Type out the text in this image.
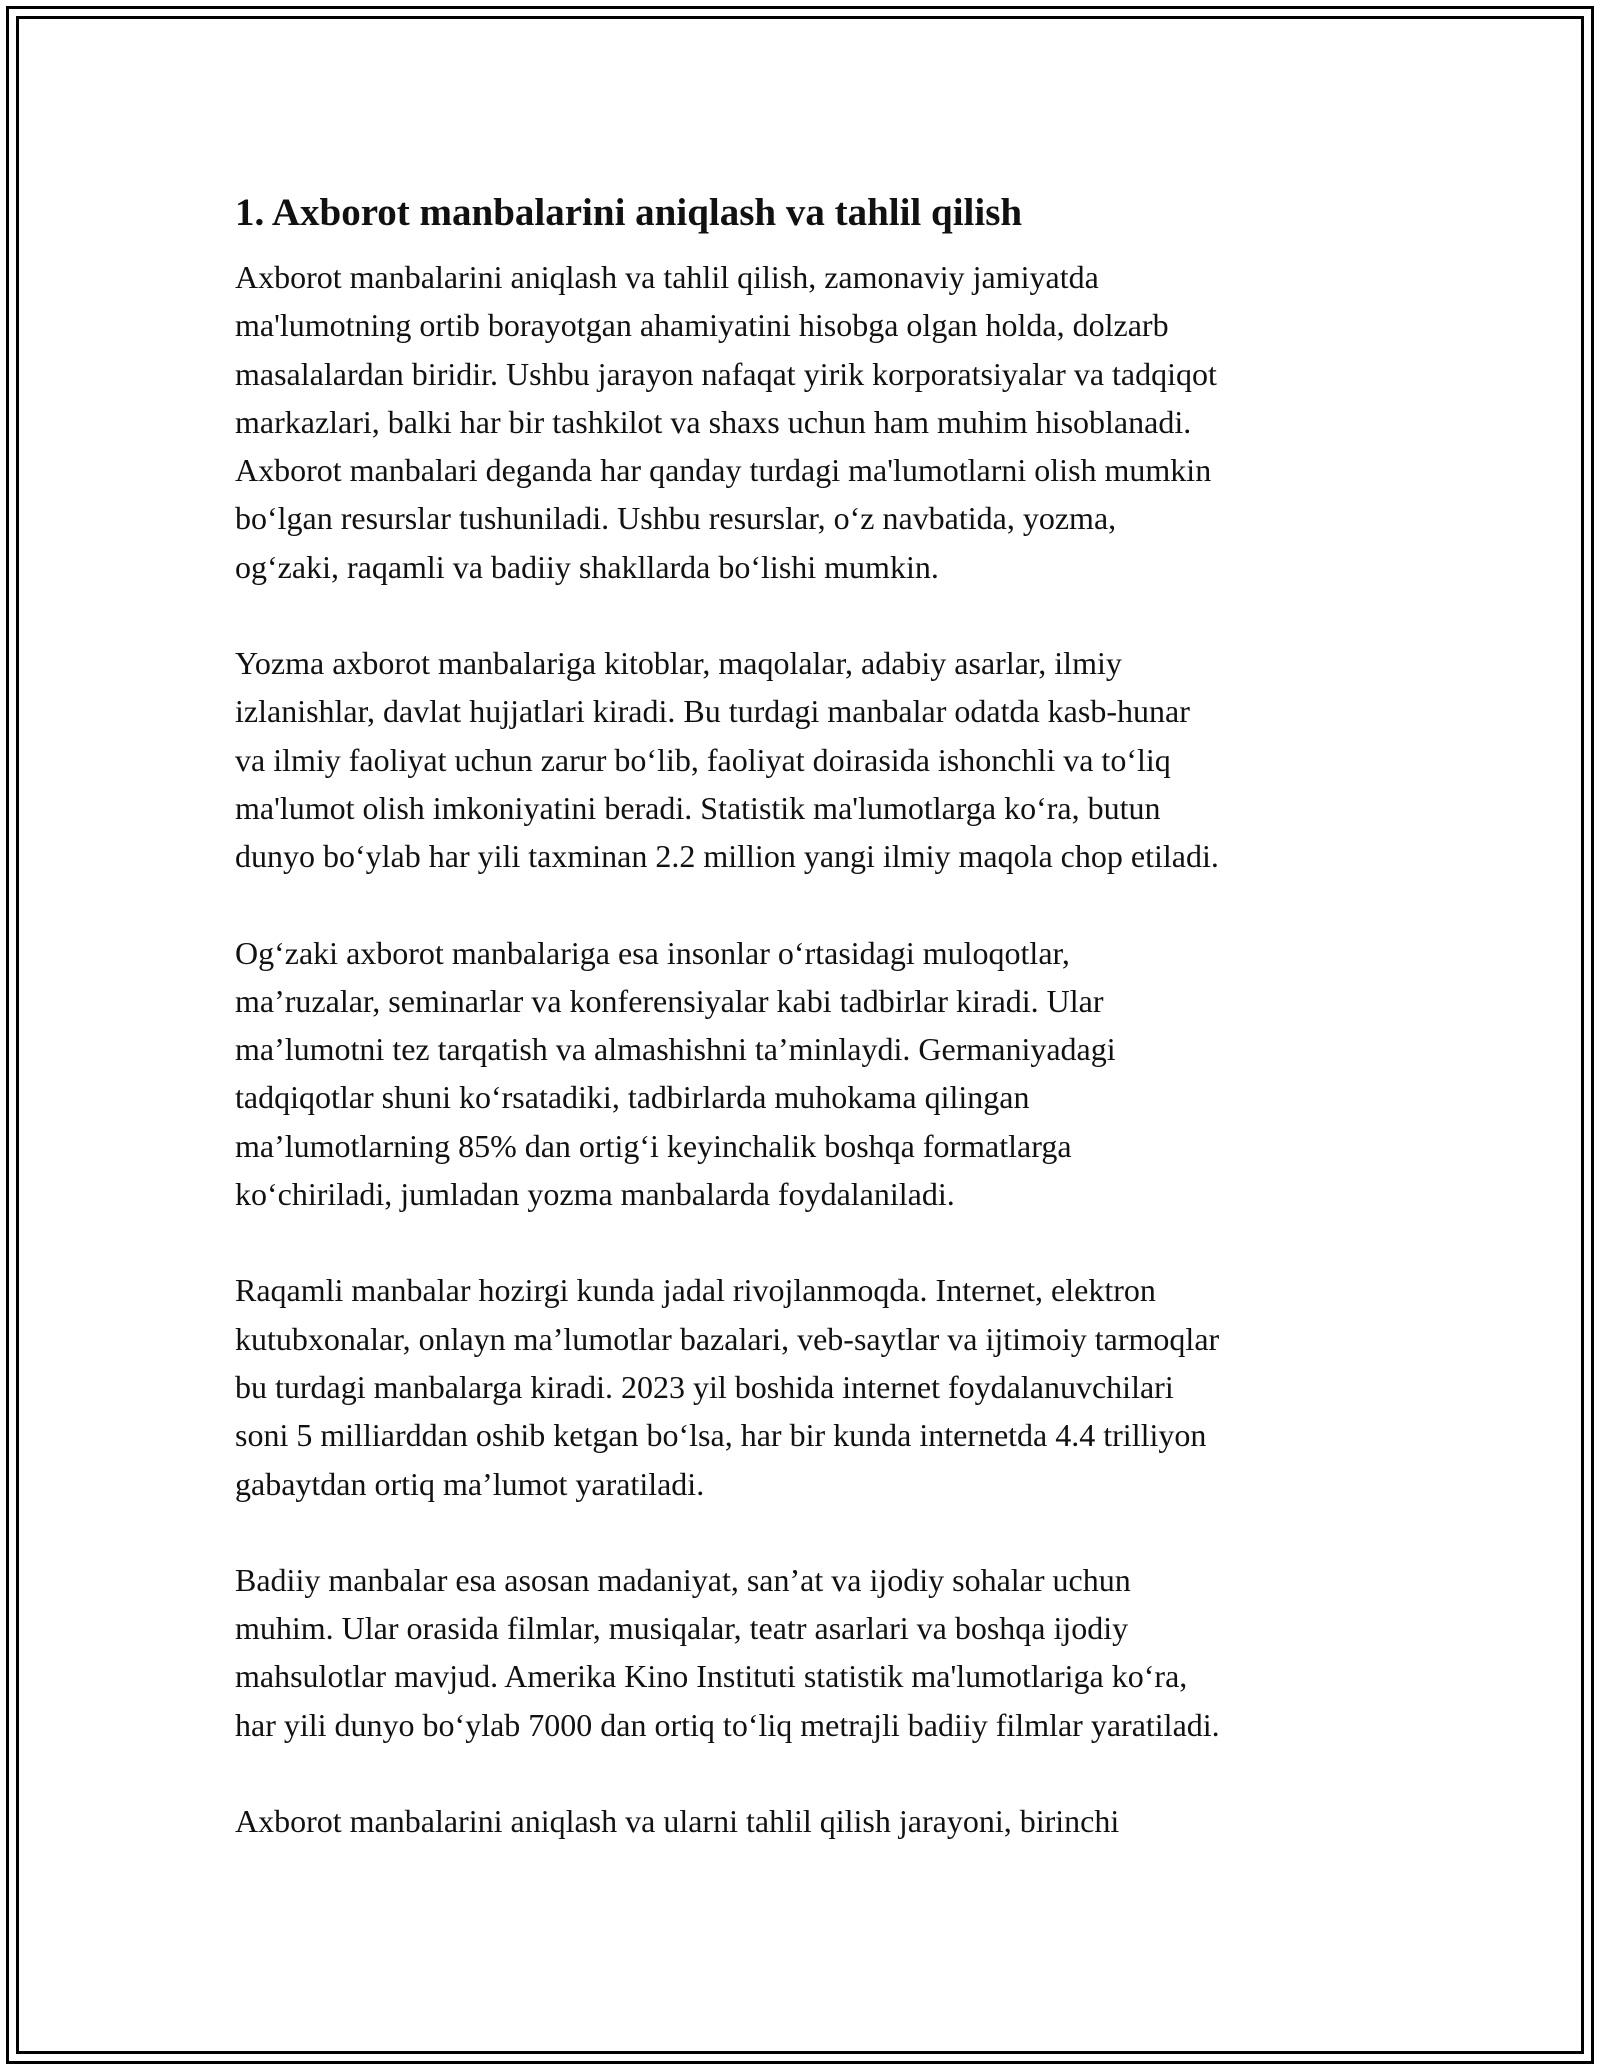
1. Axborot manbalarini aniqlash va tahlil qilish
Axborot manbalarini aniqlash va tahlil qilish, zamonaviy jamiyatda
ma'lumotning ortib borayotgan ahamiyatini hisobga olgan holda, dolzarb
masalalardan biridir. Ushbu jarayon nafaqat yirik korporatsiyalar va tadqiqot
markazlari, balki har bir tashkilot va shaxs uchun ham muhim hisoblanadi.
Axborot manbalari deganda har qanday turdagi ma'lumotlarni olish mumkin
bo‘lgan resurslar tushuniladi. Ushbu resurslar, o‘z navbatida, yozma,
og‘zaki, raqamli va badiiy shakllarda bo‘lishi mumkin.
Yozma axborot manbalariga kitoblar, maqolalar, adabiy asarlar, ilmiy
izlanishlar, davlat hujjatlari kiradi. Bu turdagi manbalar odatda kasb-hunar
va ilmiy faoliyat uchun zarur bo‘lib, faoliyat doirasida ishonchli va to‘liq
ma'lumot olish imkoniyatini beradi. Statistik ma'lumotlarga ko‘ra, butun
dunyo bo‘ylab har yili taxminan 2.2 million yangi ilmiy maqola chop etiladi.
Og‘zaki axborot manbalariga esa insonlar o‘rtasidagi muloqotlar,
ma’ruzalar, seminarlar va konferensiyalar kabi tadbirlar kiradi. Ular
ma’lumotni tez tarqatish va almashishni ta’minlaydi. Germaniyadagi
tadqiqotlar shuni ko‘rsatadiki, tadbirlarda muhokama qilingan
ma’lumotlarning 85% dan ortig‘i keyinchalik boshqa formatlarga
ko‘chiriladi, jumladan yozma manbalarda foydalaniladi.
Raqamli manbalar hozirgi kunda jadal rivojlanmoqda. Internet, elektron
kutubxonalar, onlayn ma’lumotlar bazalari, veb-saytlar va ijtimoiy tarmoqlar
bu turdagi manbalarga kiradi. 2023 yil boshida internet foydalanuvchilari
soni 5 milliarddan oshib ketgan bo‘lsa, har bir kunda internetda 4.4 trilliyon
gabaytdan ortiq ma’lumot yaratiladi.
Badiiy manbalar esa asosan madaniyat, san’at va ijodiy sohalar uchun
muhim. Ular orasida filmlar, musiqalar, teatr asarlari va boshqa ijodiy
mahsulotlar mavjud. Amerika Kino Instituti statistik ma'lumotlariga ko‘ra,
har yili dunyo bo‘ylab 7000 dan ortiq to‘liq metrajli badiiy filmlar yaratiladi.
Axborot manbalarini aniqlash va ularni tahlil qilish jarayoni, birinchi
